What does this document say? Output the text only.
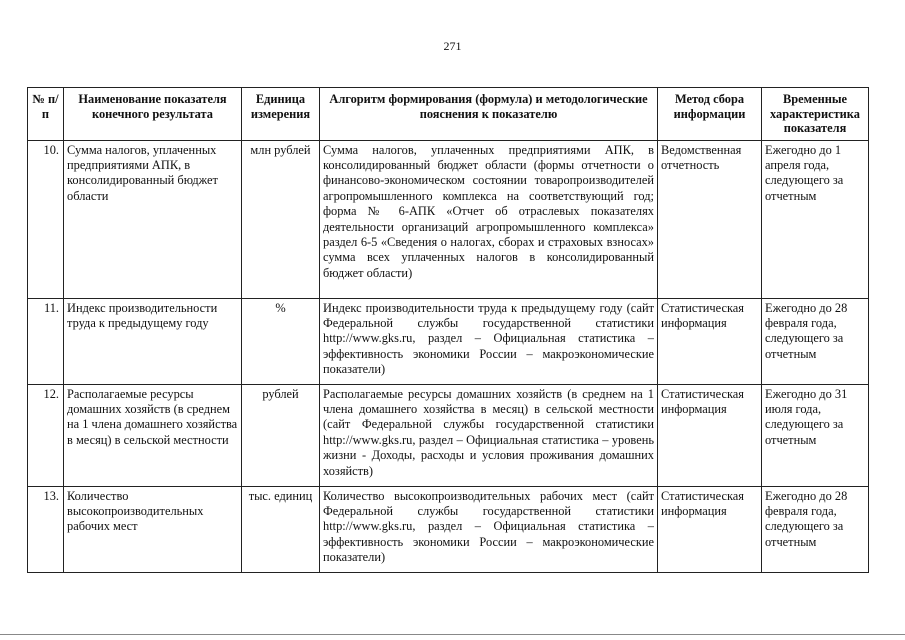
271
№ п/п	Наименование показателя конечного результата	Единица измерения	Алгоритм формирования (формула) и методологические пояснения к показателю	Метод сбора информации	Временные характеристика показателя
10.	Сумма налогов, уплаченных предприятиями АПК, в консолидированный бюджет области	млн рублей	Сумма налогов, уплаченных предприятиями АПК, в консолидированный бюджет области (формы отчетности о финансово-экономическом состоянии товаропроизводителей агропромышленного комплекса на соответствующий год; форма № 6-АПК «Отчет об отраслевых показателях деятельности организаций агропромышленного комплекса» раздел 6-5 «Сведения о налогах, сборах и страховых взносах» сумма всех уплаченных налогов в консолидированный бюджет области)	Ведомственная отчетность	Ежегодно до 1 апреля года, следующего за отчетным
11.	Индекс производительности труда к предыдущему году	%	Индекс производительности труда к предыдущему году (сайт Федеральной службы государственной статистики http://www.gks.ru, раздел – Официальная статистика – эффективность экономики России – макроэкономические показатели)	Статистическая информация	Ежегодно до 28 февраля года, следующего за отчетным
12.	Располагаемые ресурсы домашних хозяйств (в среднем на 1 члена домашнего хозяйства в месяц) в сельской местности	рублей	Располагаемые ресурсы домашних хозяйств (в среднем на 1 члена домашнего хозяйства в месяц) в сельской местности (сайт Федеральной службы государственной статистики http://www.gks.ru, раздел – Официальная статистика – уровень жизни - Доходы, расходы и условия проживания домашних хозяйств)	Статистическая информация	Ежегодно до 31 июля года, следующего за отчетным
13.	Количество высокопроизводительных рабочих мест	тыс. единиц	Количество высокопроизводительных рабочих мест (сайт Федеральной службы государственной статистики http://www.gks.ru, раздел – Официальная статистика – эффективность экономики России – макроэкономические показатели)	Статистическая информация	Ежегодно до 28 февраля года, следующего за отчетным
